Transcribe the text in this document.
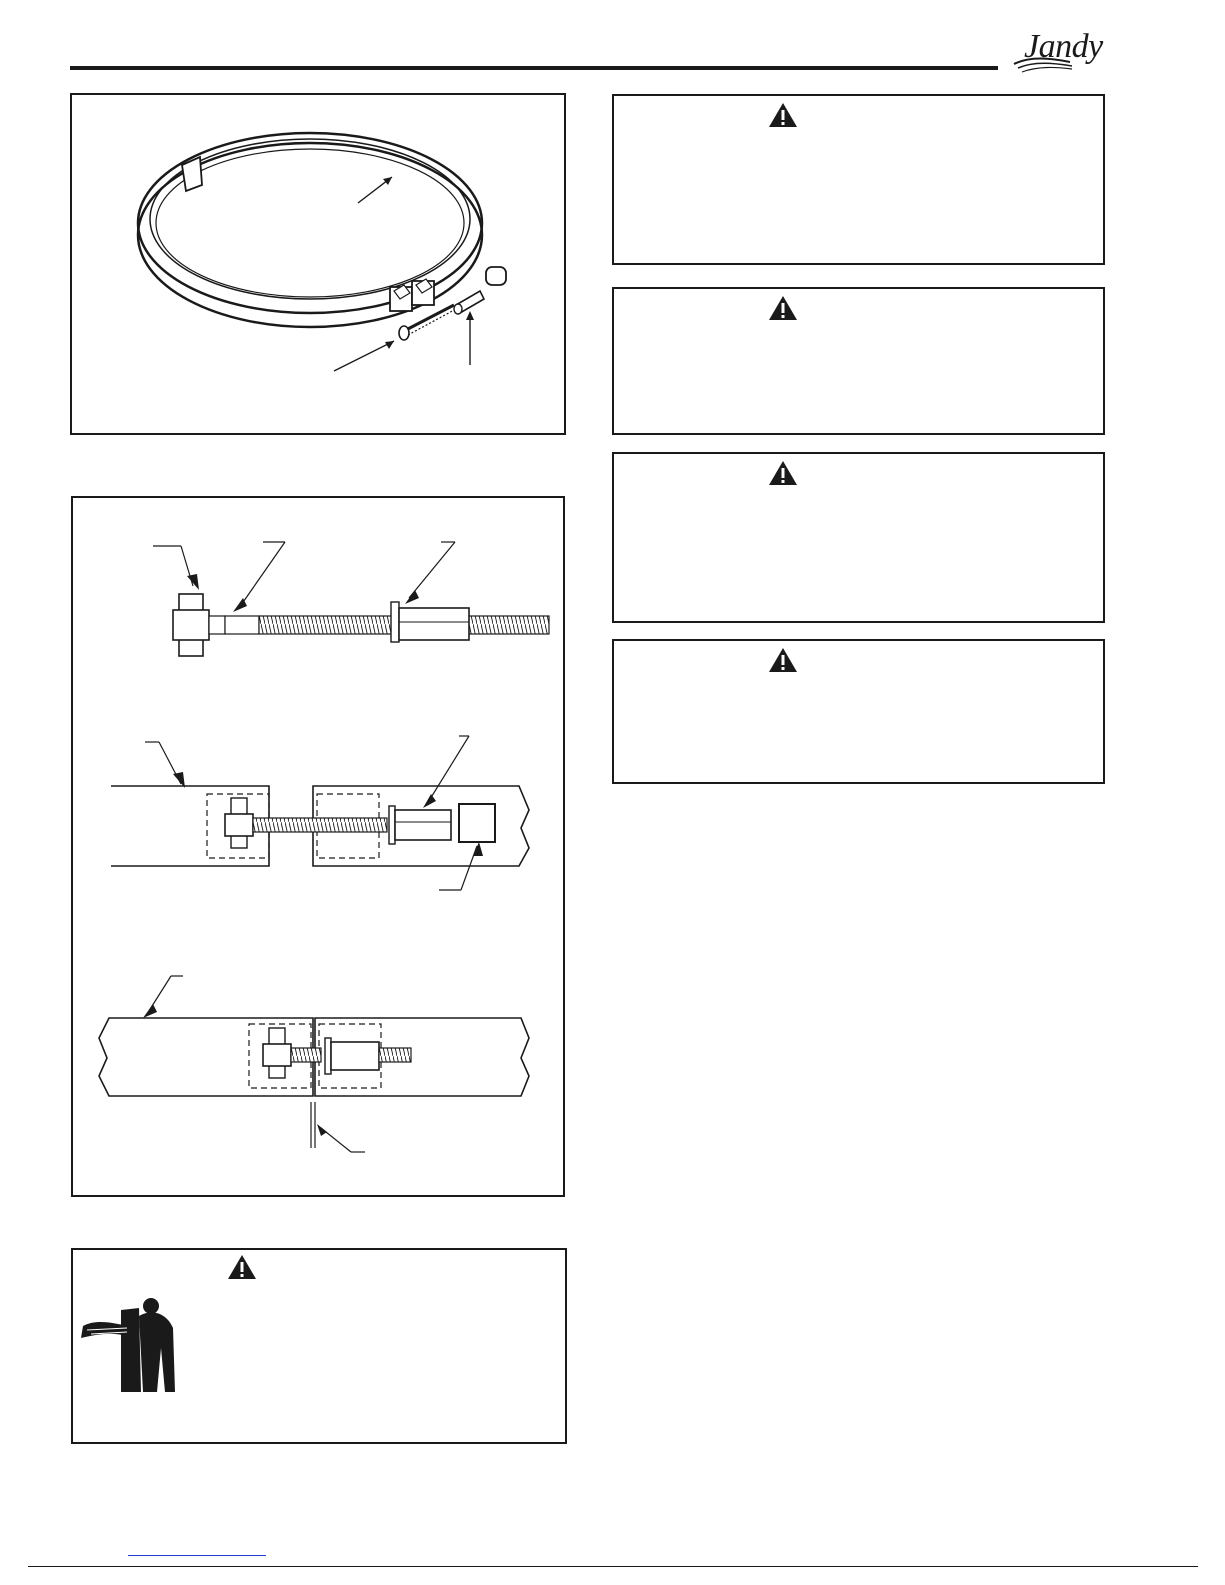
Jandy
